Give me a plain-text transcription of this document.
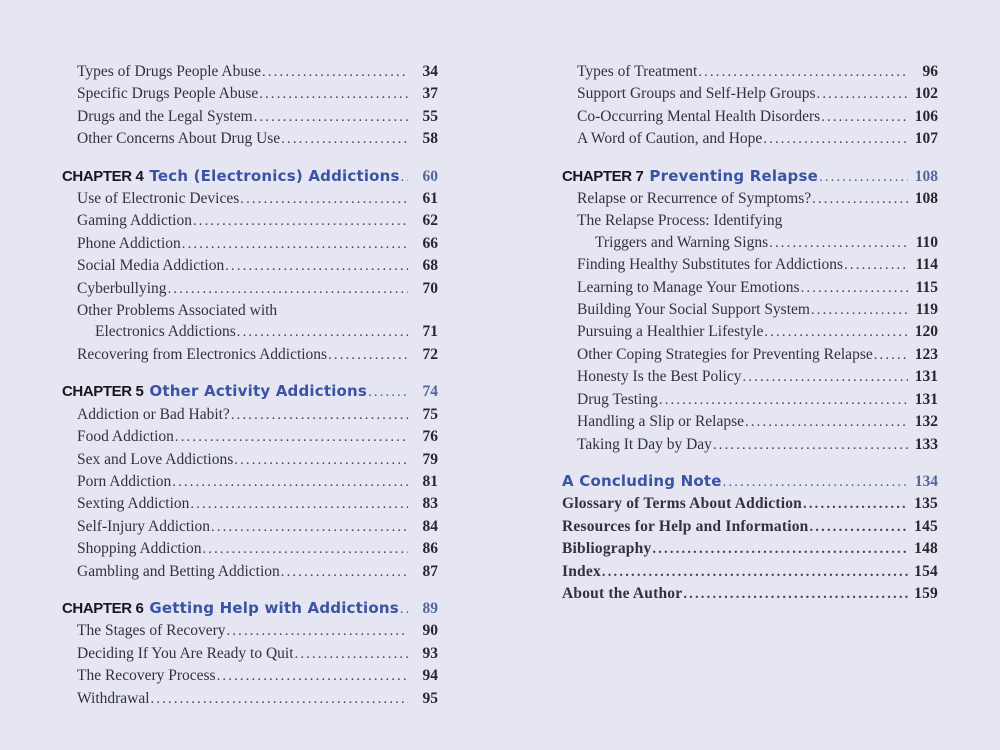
Types of Drugs People Abuse .....	34
Specific Drugs People Abuse .....	37
Drugs and the Legal System .....	55
Other Concerns About Drug Use .....	58
CHAPTER 4 Tech (Electronics) Addictions .....	60
Use of Electronic Devices .....	61
Gaming Addiction .....	62
Phone Addiction .....	66
Social Media Addiction .....	68
Cyberbullying .....	70
Other Problems Associated with
Electronics Addictions .....	71
Recovering from Electronics Addictions .....	72
CHAPTER 5 Other Activity Addictions .....	74
Addiction or Bad Habit? .....	75
Food Addiction .....	76
Sex and Love Addictions .....	79
Porn Addiction .....	81
Sexting Addiction .....	83
Self-Injury Addiction .....	84
Shopping Addiction .....	86
Gambling and Betting Addiction .....	87
CHAPTER 6 Getting Help with Addictions .....	89
The Stages of Recovery .....	90
Deciding If You Are Ready to Quit .....	93
The Recovery Process .....	94
Withdrawal .....	95
Types of Treatment .....	96
Support Groups and Self-Help Groups .....	102
Co-Occurring Mental Health Disorders .....	106
A Word of Caution, and Hope .....	107
CHAPTER 7 Preventing Relapse .....	108
Relapse or Recurrence of Symptoms? .....	108
The Relapse Process: Identifying
Triggers and Warning Signs .....	110
Finding Healthy Substitutes for Addictions .....	114
Learning to Manage Your Emotions .....	115
Building Your Social Support System .....	119
Pursuing a Healthier Lifestyle .....	120
Other Coping Strategies for Preventing Relapse .....	123
Honesty Is the Best Policy .....	131
Drug Testing .....	131
Handling a Slip or Relapse .....	132
Taking It Day by Day .....	133
A Concluding Note .....	134
Glossary of Terms About Addiction .....	135
Resources for Help and Information .....	145
Bibliography .....	148
Index .....	154
About the Author .....	159
